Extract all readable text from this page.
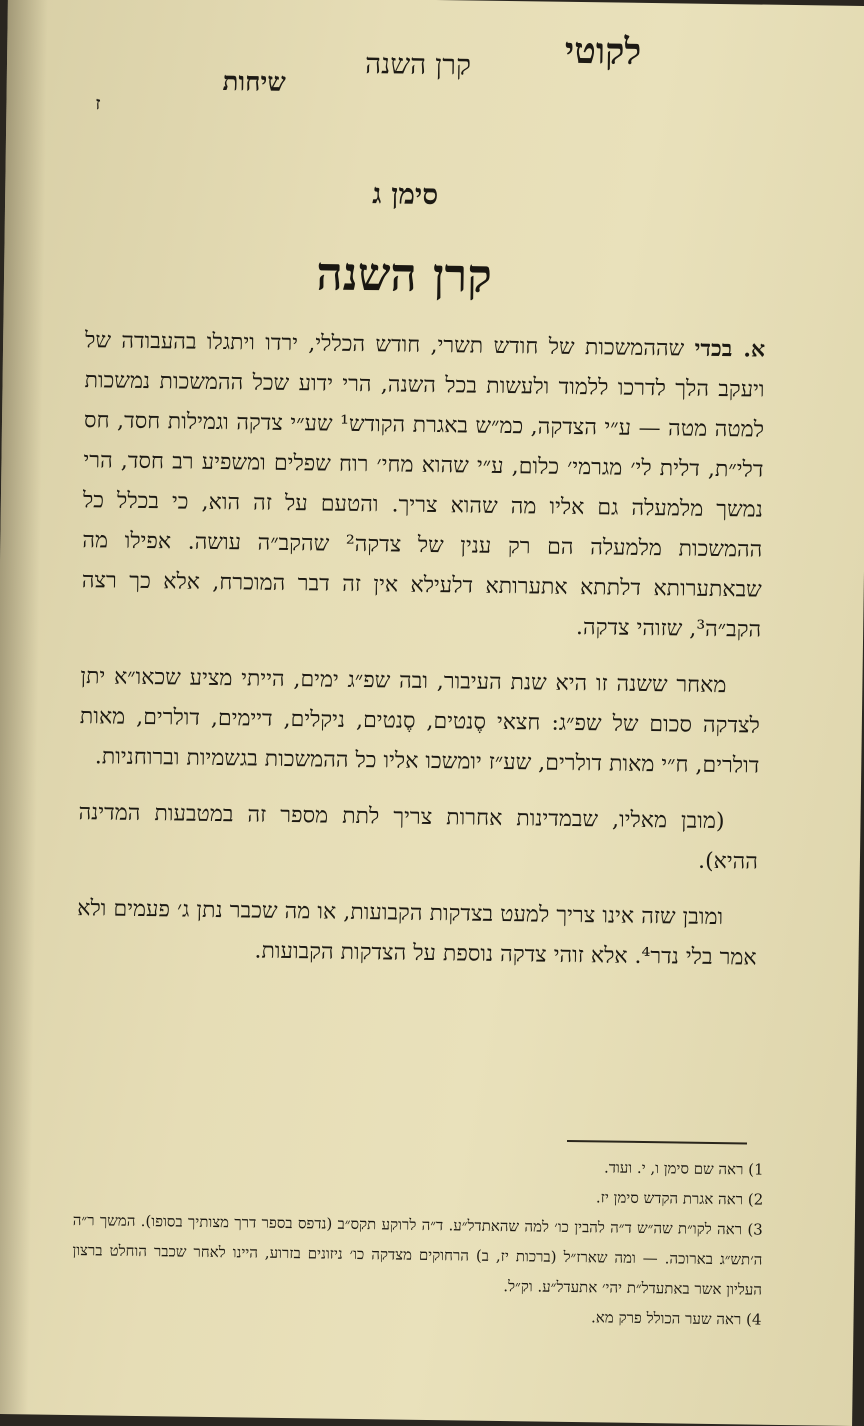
לקוטי
קרן השנה
שיחות
ז
סימן ג
קרן השנה

א. בכדי שההמשכות של חודש תשרי, חודש הכללי, ירדו ויתגלו בהעבודה של ויעקב הלך לדרכו ללמוד ולעשות בכל השנה, הרי ידוע שכל ההמשכות נמשכות למטה מטה — ע״י הצדקה, כמ״ש באגרת הקודש¹ שע״י צדקה וגמילות חסד, חס דלי״ת, דלית לי׳ מגרמי׳ כלום, ע״י שהוא מחי׳ רוח שפלים ומשפיע רב חסד, הרי נמשך מלמעלה גם אליו מה שהוא צריך. והטעם על זה הוא, כי בכלל כל ההמשכות מלמעלה הם רק ענין של צדקה² שהקב״ה עושה. אפילו מה שבאתערותא דלתתא אתערותא דלעילא אין זה דבר המוכרח, אלא כך רצה הקב״ה³, שזוהי צדקה.

מאחר ששנה זו היא שנת העיבור, ובה שפ״ג ימים, הייתי מציע שכאו״א יתן לצדקה סכום של שפ״ג: חצאי סֶנטים, סֶנטים, ניקלים, דיימים, דולרים, מאות דולרים, ח״י מאות דולרים, שע״ז יומשכו אליו כל ההמשכות בגשמיות וברוחניות.

(מובן מאליו, שבמדינות אחרות צריך לתת מספר זה במטבעות המדינה ההיא).

ומובן שזה אינו צריך למעט בצדקות הקבועות, או מה שכבר נתן ג׳ פעמים ולא אמר בלי נדר⁴. אלא זוהי צדקה נוספת על הצדקות הקבועות.

1) ראה שם סימן ו, י. ועוד.
2) ראה אגרת הקדש סימן יז.
3) ראה לקו״ת שה״ש ד״ה להבין כו׳ למה שהאתדל״ע. ד״ה לרוקע תקס״ב (נדפס בספר דרך מצותיך בסופו). המשך ר״ה ה׳תש״ג בארוכה. — ומה שארז״ל (ברכות יז, ב) הרחוקים מצדקה כו׳ ניזונים בזרוע, היינו לאחר שכבר הוחלט ברצון העליון אשר באתעדל״ת יהי׳ אתעדל״ע. וק״ל.
4) ראה שער הכולל פרק מא.
